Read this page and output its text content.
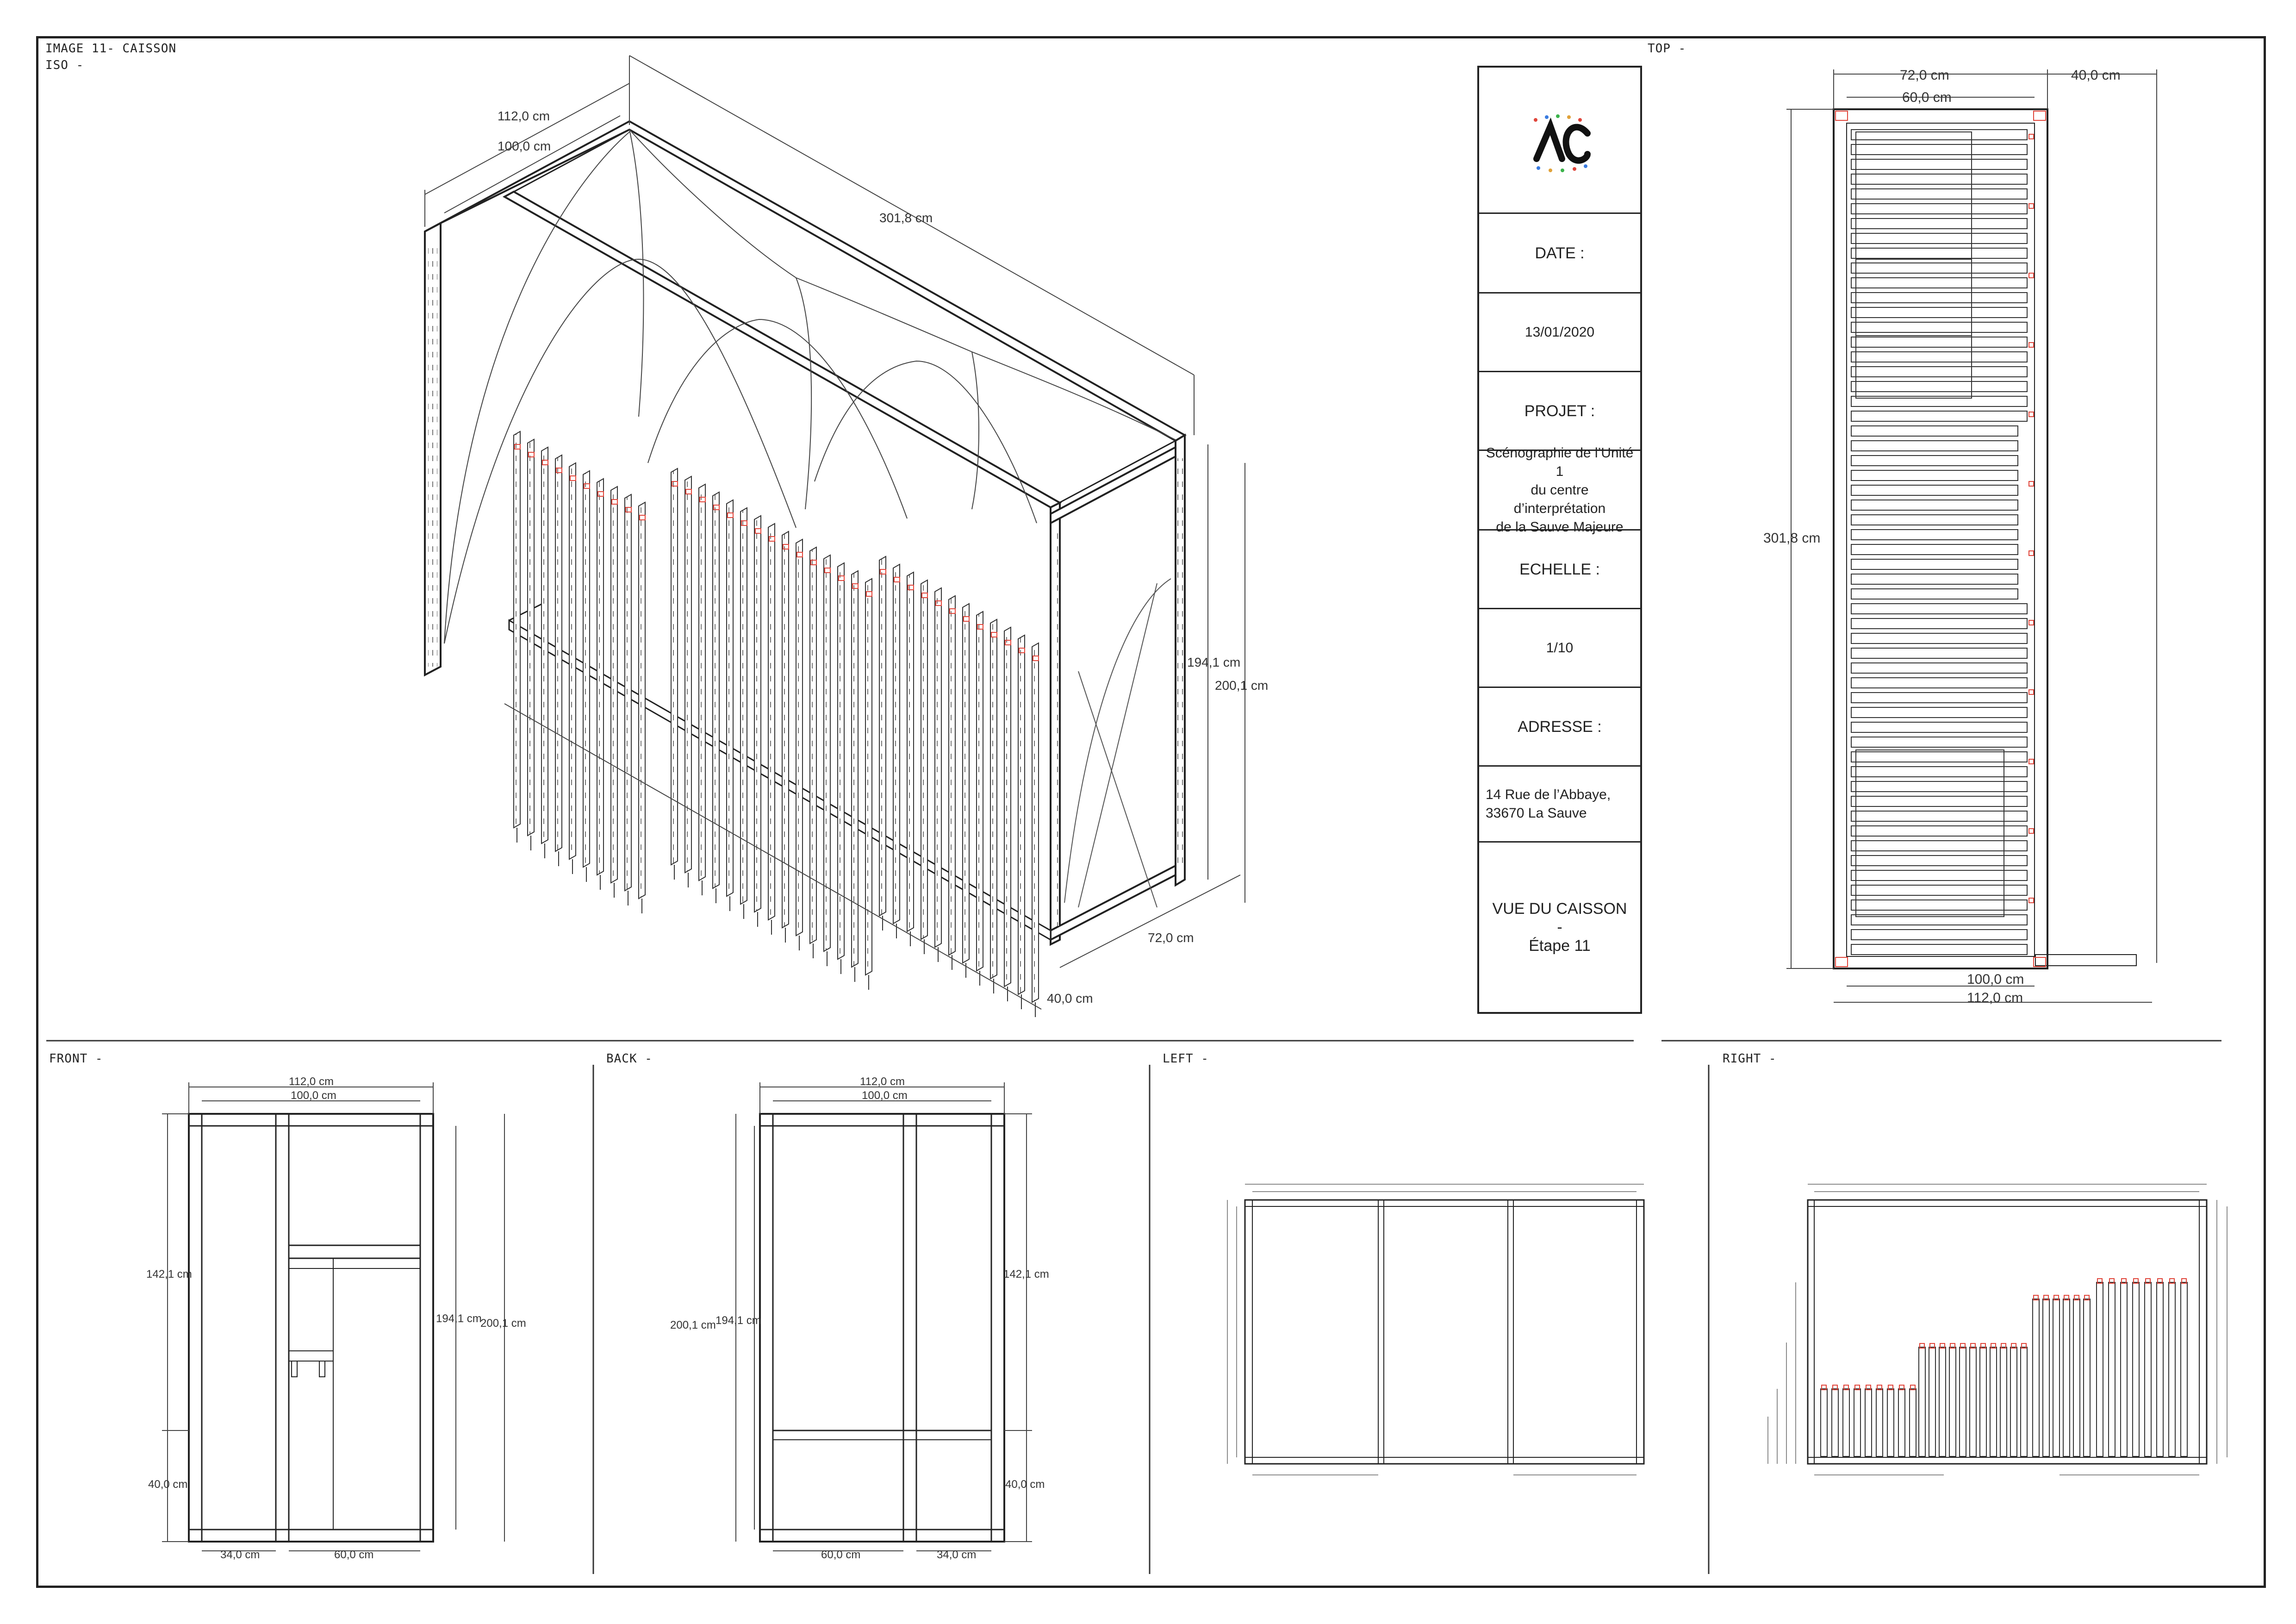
IMAGE 11- CAISSON
ISO -
TOP -
FRONT -	BACK -	LEFT -	RIGHT -
DATE :
13/01/2020
PROJET :
Scénographie de l’Unité 1
du centre d’interprétation
de la Sauve Majeure
ECHELLE :
1/10
ADRESSE :
14 Rue de l’Abbaye,
33670 La Sauve
VUE DU CAISSON
-
Étape 11
112,0 cm
100,0 cm
301,8 cm
194,1 cm
200,1 cm
72,0 cm
40,0 cm
72,0 cm
60,0 cm
40,0 cm
301,8 cm
100,0 cm
112,0 cm
112,0 cm
100,0 cm
142,1 cm
40,0 cm
194,1 cm
200,1 cm
34,0 cm	60,0 cm
112,0 cm
100,0 cm
200,1 cm 194,1 cm
142,1 cm
40,0 cm
60,0 cm	34,0 cm
